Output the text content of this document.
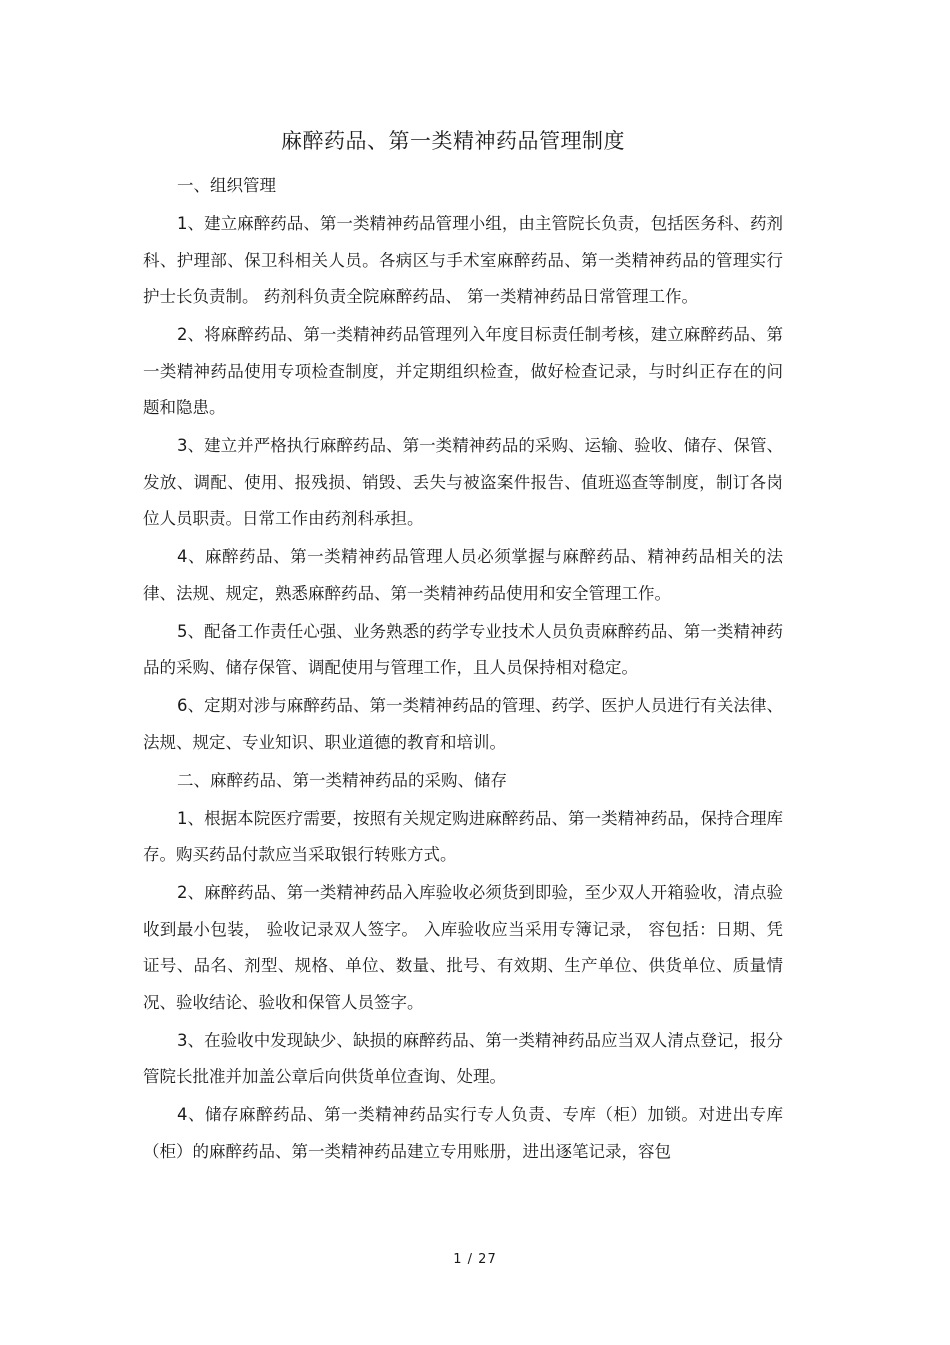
麻醉药品、第一类精神药品管理制度

一、组织管理

1、建立麻醉药品、第一类精神药品管理小组，由主管院长负责，包括医务科、药剂科、护理部、保卫科相关人员。各病区与手术室麻醉药品、第一类精神药品的管理实行护士长负责制。 药剂科负责全院麻醉药品、 第一类精神药品日常管理工作。

2、将麻醉药品、第一类精神药品管理列入年度目标责任制考核，建立麻醉药品、第一类精神药品使用专项检查制度，并定期组织检查，做好检查记录，与时纠正存在的问题和隐患。

3、建立并严格执行麻醉药品、第一类精神药品的采购、运输、验收、储存、保管、发放、调配、使用、报残损、销毁、丢失与被盗案件报告、值班巡查等制度，制订各岗位人员职责。日常工作由药剂科承担。

4、麻醉药品、第一类精神药品管理人员必须掌握与麻醉药品、精神药品相关的法律、法规、规定，熟悉麻醉药品、第一类精神药品使用和安全管理工作。

5、配备工作责任心强、业务熟悉的药学专业技术人员负责麻醉药品、第一类精神药品的采购、储存保管、调配使用与管理工作，且人员保持相对稳定。

6、定期对涉与麻醉药品、第一类精神药品的管理、药学、医护人员进行有关法律、法规、规定、专业知识、职业道德的教育和培训。

二、麻醉药品、第一类精神药品的采购、储存

1、根据本院医疗需要，按照有关规定购进麻醉药品、第一类精神药品，保持合理库存。购买药品付款应当采取银行转账方式。

2、麻醉药品、第一类精神药品入库验收必须货到即验，至少双人开箱验收，清点验收到最小包装， 验收记录双人签字。 入库验收应当采用专簿记录， 容包括：日期、凭证号、品名、剂型、规格、单位、数量、批号、有效期、生产单位、供货单位、质量情况、验收结论、验收和保管人员签字。

3、在验收中发现缺少、缺损的麻醉药品、第一类精神药品应当双人清点登记，报分管院长批准并加盖公章后向供货单位查询、处理。

4、储存麻醉药品、第一类精神药品实行专人负责、专库（柜）加锁。对进出专库（柜）的麻醉药品、第一类精神药品建立专用账册，进出逐笔记录，容包

1 / 27
